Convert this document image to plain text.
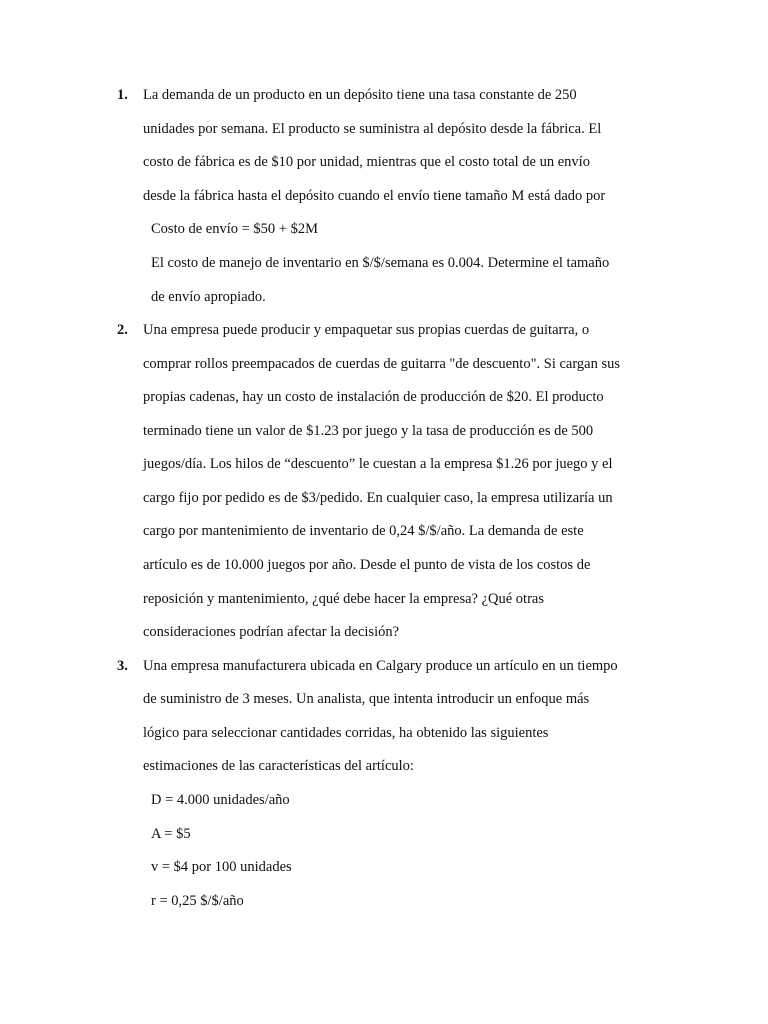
1. La demanda de un producto en un depósito tiene una tasa constante de 250
unidades por semana. El producto se suministra al depósito desde la fábrica. El
costo de fábrica es de $10 por unidad, mientras que el costo total de un envío
desde la fábrica hasta el depósito cuando el envío tiene tamaño M está dado por
Costo de envío = $50 + $2M
El costo de manejo de inventario en $/$/semana es 0.004. Determine el tamaño
de envío apropiado.
2. Una empresa puede producir y empaquetar sus propias cuerdas de guitarra, o
comprar rollos preempacados de cuerdas de guitarra "de descuento". Si cargan sus
propias cadenas, hay un costo de instalación de producción de $20. El producto
terminado tiene un valor de $1.23 por juego y la tasa de producción es de 500
juegos/día. Los hilos de “descuento” le cuestan a la empresa $1.26 por juego y el
cargo fijo por pedido es de $3/pedido. En cualquier caso, la empresa utilizaría un
cargo por mantenimiento de inventario de 0,24 $/$/año. La demanda de este
artículo es de 10.000 juegos por año. Desde el punto de vista de los costos de
reposición y mantenimiento, ¿qué debe hacer la empresa? ¿Qué otras
consideraciones podrían afectar la decisión?
3. Una empresa manufacturera ubicada en Calgary produce un artículo en un tiempo
de suministro de 3 meses. Un analista, que intenta introducir un enfoque más
lógico para seleccionar cantidades corridas, ha obtenido las siguientes
estimaciones de las características del artículo:
D = 4.000 unidades/año
A = $5
v = $4 por 100 unidades
r = 0,25 $/$/año
